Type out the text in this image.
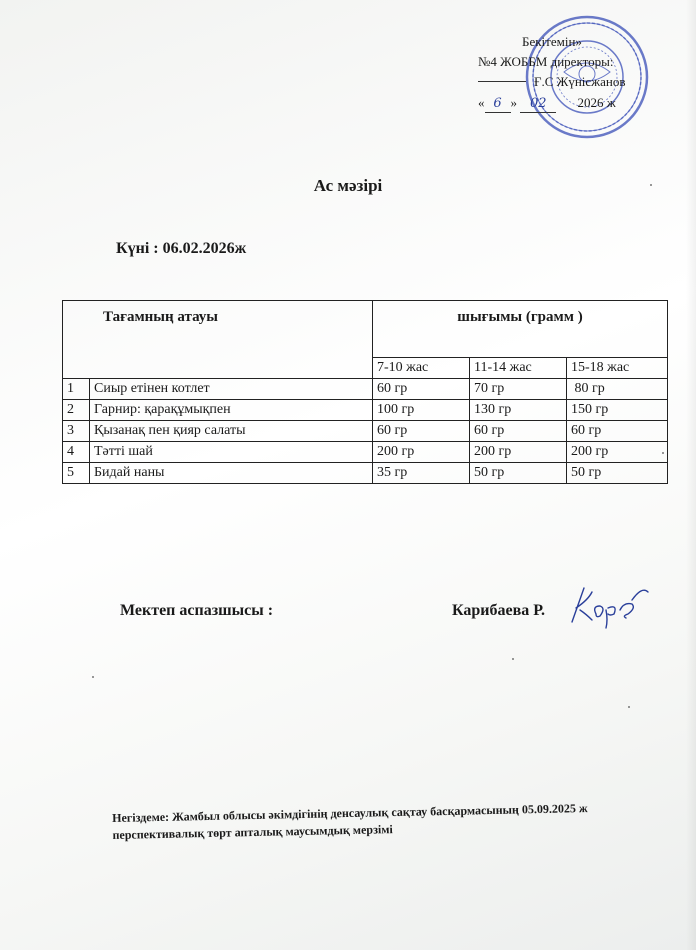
Бекітемін»
№4 ЖОББМ директоры:
Ғ.С Жүнісжанов
« 6 » 02 2026 ж
Ас мәзірі
Күні : 06.02.2026ж
Тағамның атауы		шығымы (грамм )		
		7-10 жас	11-14 жас	15-18 жас
1	Сиыр етінен котлет	60 гр	70 гр	80 гр
2	Гарнир: қарақұмықпен	100 гр	130 гр	150 гр
3	Қызанақ пен қияр салаты	60 гр	60 гр	60 гр
4	Тәтті шай	200 гр	200 гр	200 гр
5	Бидай наны	35 гр	50 гр	50 гр
Мектеп аспазшысы :	Карибаева Р.
Негіздеме: Жамбыл облысы әкімдігінің денсаулық сақтау басқармасының 05.09.2025 ж
перспективалық төрт апталық маусымдық мерзімі
